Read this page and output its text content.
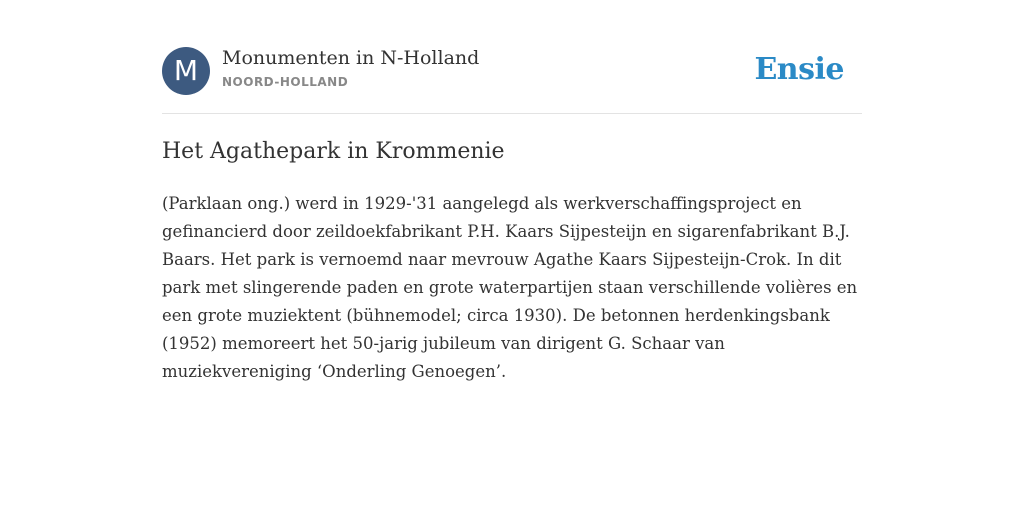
M	Monumenten in N-Holland
NOORD-HOLLAND	Ensie
Het Agathepark in Krommenie

(Parklaan ong.) werd in 1929-'31 aangelegd als werkverschaffingsproject en gefinancierd door zeildoekfabrikant P.H. Kaars Sijpesteijn en sigarenfabrikant B.J. Baars. Het park is vernoemd naar mevrouw Agathe Kaars Sijpesteijn-Crok. In dit park met slingerende paden en grote waterpartijen staan verschillende volières en een grote muziektent (bühnemodel; circa 1930). De betonnen herdenkingsbank (1952) memoreert het 50-jarig jubileum van dirigent G. Schaar van muziekvereniging ‘Onderling Genoegen’.
